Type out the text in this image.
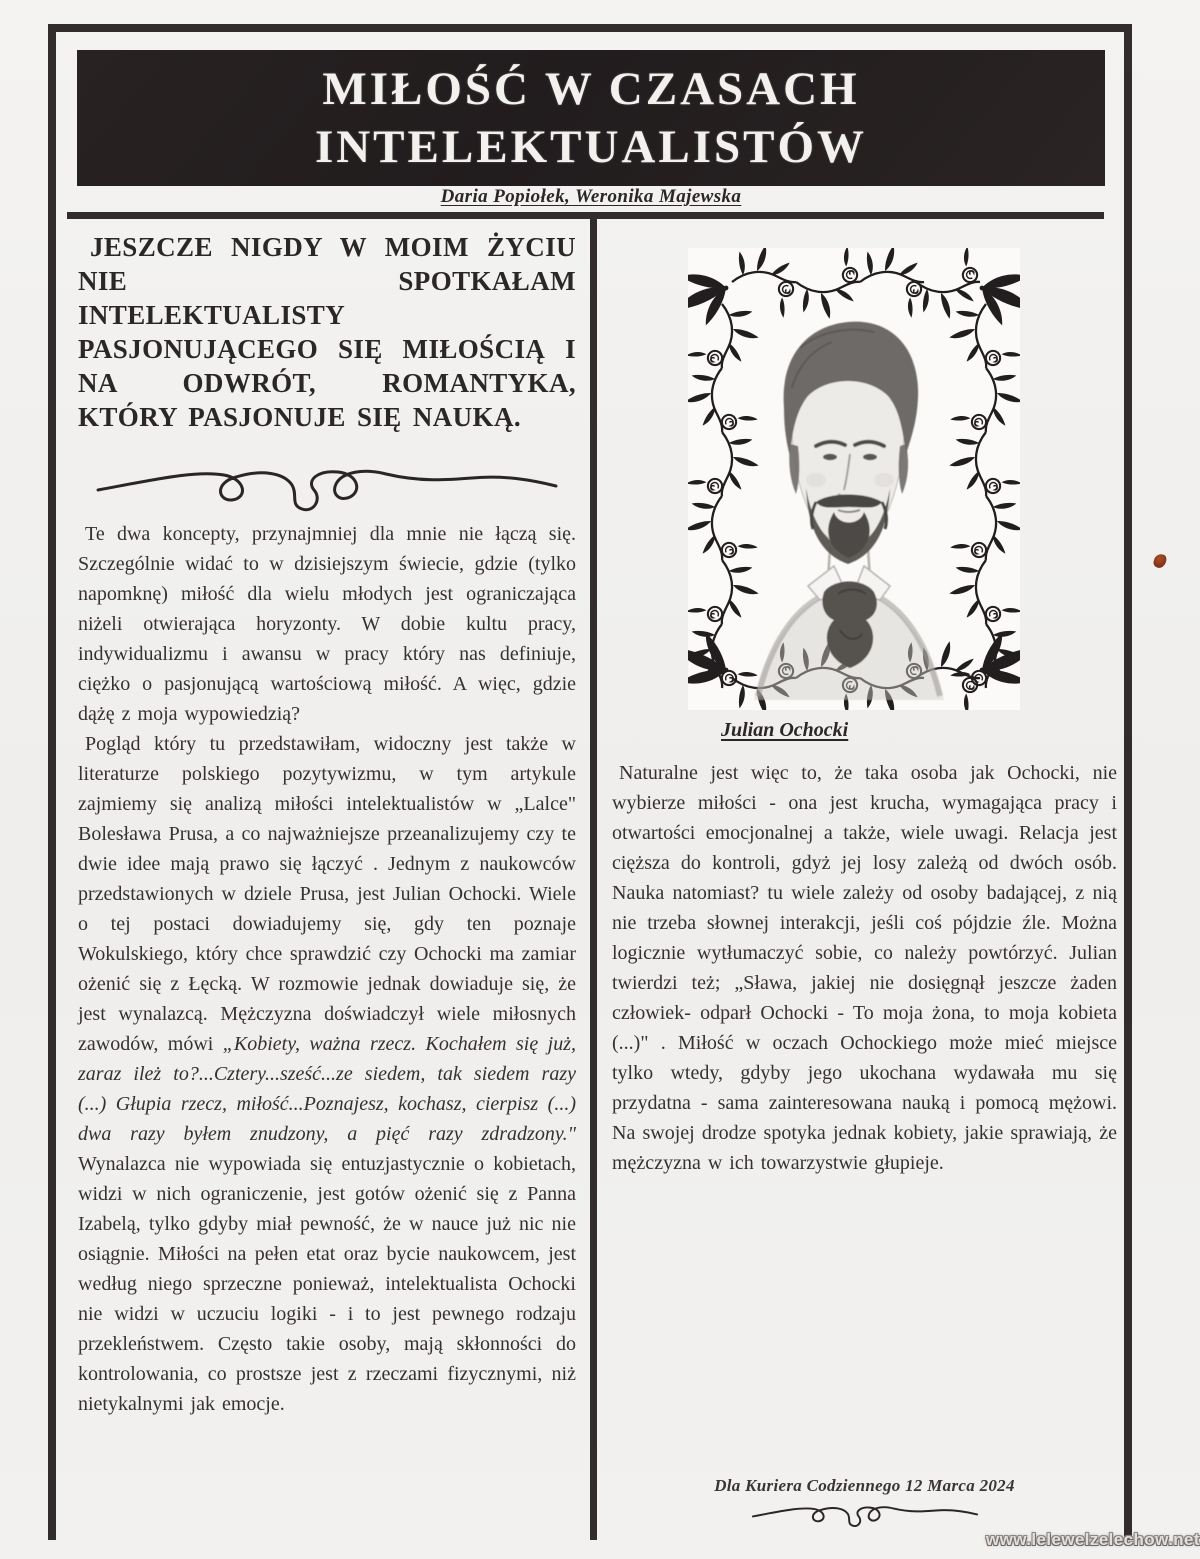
MIŁOŚĆ W CZASACH
INTELEKTUALISTÓW
Daria Popiołek, Weronika Majewska

JESZCZE NIGDY W MOIM ŻYCIU NIE SPOTKAŁAM INTELEKTUALISTY PASJONUJĄCEGO SIĘ MIŁOŚCIĄ I NA ODWRÓT, ROMANTYKA, KTÓRY PASJONUJE SIĘ NAUKĄ.

Te dwa koncepty, przynajmniej dla mnie nie łączą się. Szczególnie widać to w dzisiejszym świecie, gdzie (tylko napomknę) miłość dla wielu młodych jest ograniczająca niżeli otwierająca horyzonty. W dobie kultu pracy, indywidualizmu i awansu w pracy który nas definiuje, ciężko o pasjonującą wartościową miłość. A więc, gdzie dążę z moja wypowiedzią?

Pogląd który tu przedstawiłam, widoczny jest także w literaturze polskiego pozytywizmu, w tym artykule zajmiemy się analizą miłości intelektualistów w „Lalce" Bolesława Prusa, a co najważniejsze przeanalizujemy czy te dwie idee mają prawo się łączyć . Jednym z naukowców przedstawionych w dziele Prusa, jest Julian Ochocki. Wiele o tej postaci dowiadujemy się, gdy ten poznaje Wokulskiego, który chce sprawdzić czy Ochocki ma zamiar ożenić się z Łęcką. W rozmowie jednak dowiaduje się, że jest wynalazcą. Mężczyzna doświadczył wiele miłosnych zawodów, mówi „Kobiety, ważna rzecz. Kochałem się już, zaraz ileż to?...Cztery...sześć...ze siedem, tak siedem razy (...) Głupia rzecz, miłość...Poznajesz, kochasz, cierpisz (...) dwa razy byłem znudzony, a pięć razy zdradzony." Wynalazca nie wypowiada się entuzjastycznie o kobietach, widzi w nich ograniczenie, jest gotów ożenić się z Panna Izabelą, tylko gdyby miał pewność, że w nauce już nic nie osiągnie. Miłości na pełen etat oraz bycie naukowcem, jest według niego sprzeczne ponieważ, intelektualista Ochocki nie widzi w uczuciu logiki - i to jest pewnego rodzaju przekleństwem. Często takie osoby, mają skłonności do kontrolowania, co prostsze jest z rzeczami fizycznymi, niż nietykalnymi jak emocje.

Julian Ochocki

Naturalne jest więc to, że taka osoba jak Ochocki, nie wybierze miłości - ona jest krucha, wymagająca pracy i otwartości emocjonalnej a także, wiele uwagi. Relacja jest cięższa do kontroli, gdyż jej losy zależą od dwóch osób. Nauka natomiast? tu wiele zależy od osoby badającej, z nią nie trzeba słownej interakcji, jeśli coś pójdzie źle. Można logicznie wytłumaczyć sobie, co należy powtórzyć. Julian twierdzi też; „Sława, jakiej nie dosięgnął jeszcze żaden człowiek- odparł Ochocki - To moja żona, to moja kobieta (...)" . Miłość w oczach Ochockiego może mieć miejsce tylko wtedy, gdyby jego ukochana wydawała mu się przydatna - sama zainteresowana nauką i pomocą mężowi. Na swojej drodze spotyka jednak kobiety, jakie sprawiają, że mężczyzna w ich towarzystwie głupieje.

Dla Kuriera Codziennego 12 Marca 2024
www.lelewelzelechow.net
